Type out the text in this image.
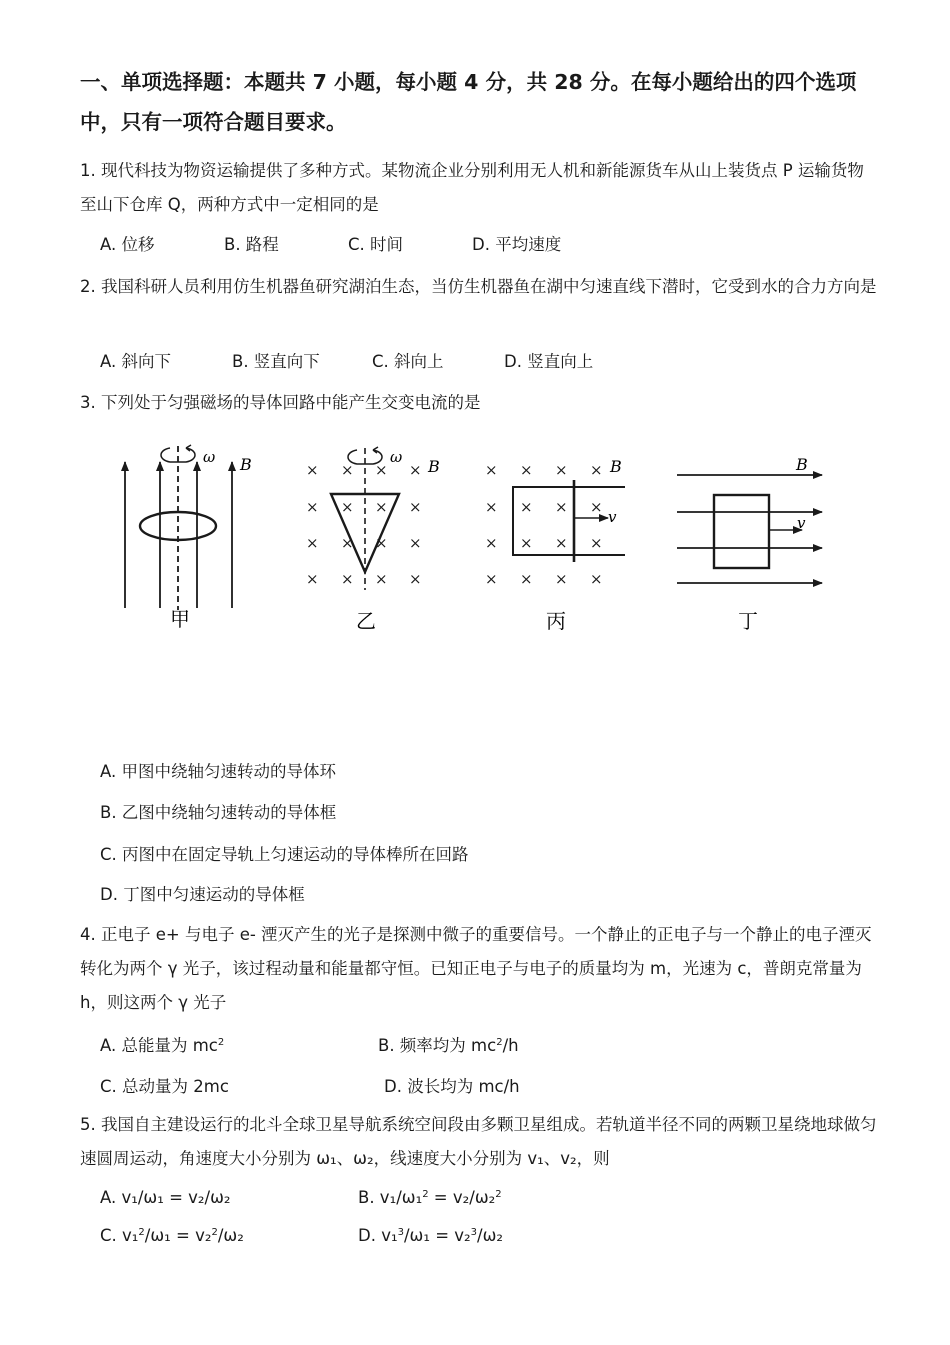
一、单项选择题：本题共 7 小题，每小题 4 分，共 28 分。在每小题给出的四个选项中，只有一项符合题目要求。
1. 现代科技为物资运输提供了多种方式。某物流企业分别利用无人机和新能源货车从山上装货点 P 运输货物至山下仓库 Q，两种方式中一定相同的是
A. 位移	B. 路程	C. 时间	D. 平均速度
2. 我国科研人员利用仿生机器鱼研究湖泊生态，当仿生机器鱼在湖中匀速直线下潜时，它受到水的合力方向是
A. 斜向下	B. 竖直向下	C. 斜向上	D. 竖直向上
3. 下列处于匀强磁场的导体回路中能产生交变电流的是
ω B
甲
× × × ×
× × × ×
× × × ×
× × × ×
ω B
乙
× × × ×
× × × ×
× × × ×
× × × ×
v
B
丙
B
v
丁
A. 甲图中绕轴匀速转动的导体环
B. 乙图中绕轴匀速转动的导体框
C. 丙图中在固定导轨上匀速运动的导体棒所在回路
D. 丁图中匀速运动的导体框
4. 正电子 e+ 与电子 e- 湮灭产生的光子是探测中微子的重要信号。一个静止的正电子与一个静止的电子湮灭转化为两个 γ 光子，该过程动量和能量都守恒。已知正电子与电子的质量均为 m，光速为 c，普朗克常量为 h，则这两个 γ 光子
A. 总能量为 $mc^2$	B. 频率均为 $mc^2/h$
C. 总动量为 2mc	D. 波长均为 mc/h
5. 我国自主建设运行的北斗全球卫星导航系统空间段由多颗卫星组成。若轨道半径不同的两颗卫星绕地球做匀速圆周运动，角速度大小分别为 ω₁、ω₂，线速度大小分别为 v₁、v₂，则
A. v₁/ω₁ = v₂/ω₂	B. v₁/ω₁$^2$ = v₂/ω₂$^2$
C. v₁$^2$/ω₁ = v₂$^2$/ω₂	D. v₁$^3$/ω₁ = v₂$^3$/ω₂
